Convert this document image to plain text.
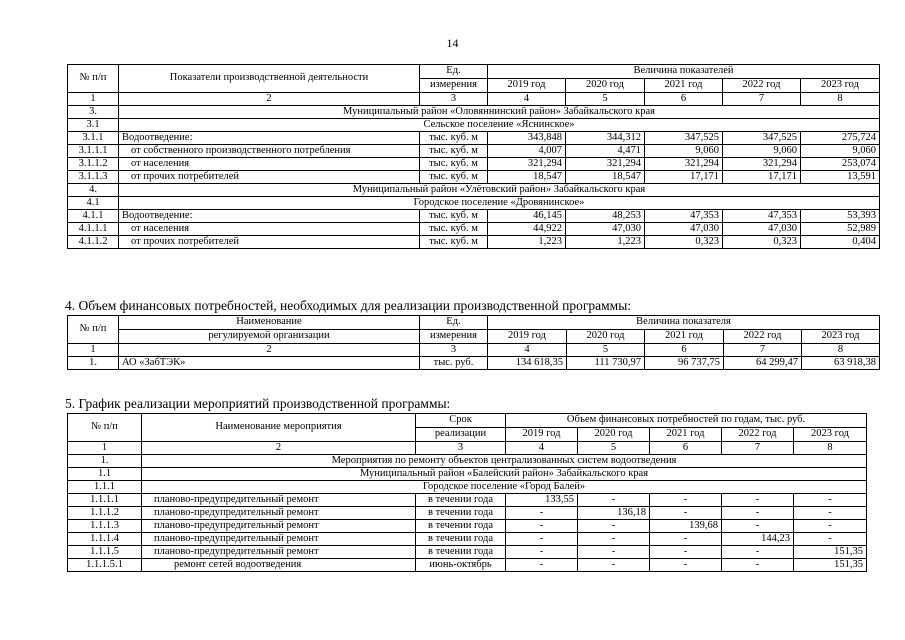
14
№ п/п	Показатели производственной деятельности	Ед.	Величина показателей				
		измерения	2019 год	2020 год	2021 год	2022 год	2023 год
1	2	3	4	5	6	7	8
3.	Муниципальный район «Оловяннинский район» Забайкальского края						
3.1	Сельское поселение «Яснинское»						
3.1.1	Водоотведение:	тыс. куб. м	343,848	344,312	347,525	347,525	275,724
3.1.1.1	от собственного производственного потребления	тыс. куб. м	4,007	4,471	9,060	9,060	9,060
3.1.1.2	от населения	тыс. куб. м	321,294	321,294	321,294	321,294	253,074
3.1.1.3	от прочих потребителей	тыс. куб. м	18,547	18,547	17,171	17,171	13,591
4.	Муниципальный район «Улётовский район» Забайкальского края						
4.1	Городское поселение «Дровянинское»						
4.1.1	Водоотведение:	тыс. куб. м	46,145	48,253	47,353	47,353	53,393
4.1.1.1	от населения	тыс. куб. м	44,922	47,030	47,030	47,030	52,989
4.1.1.2	от прочих потребителей	тыс. куб. м	1,223	1,223	0,323	0,323	0,404
4. Объем финансовых потребностей, необходимых для реализации производственной программы:
№ п/п	Наименование	Ед.	Величина показателя				
	регулируемой организации	измерения	2019 год	2020 год	2021 год	2022 год	2023 год
1	2	3	4	5	6	7	8
1.	АО «ЗабТЭК»	тыс. руб.	134 618,35	111 730,97	96 737,75	64 299,47	63 918,38
5. График реализации мероприятий производственной программы:
№ п/п	Наименование мероприятия	Срок	Объем финансовых потребностей по годам, тыс. руб.				
		реализации	2019 год	2020 год	2021 год	2022 год	2023 год
1	2	3	4	5	6	7	8
1.	Мероприятия по ремонту объектов централизованных систем водоотведения						
1.1	Муниципальный район «Балейский район» Забайкальского края						
1.1.1	Городское поселение «Город Балей»						
1.1.1.1	планово-предупредительный ремонт	в течении года	133,55	-	-	-	-
1.1.1.2	планово-предупредительный ремонт	в течении года	-	136,18	-	-	-
1.1.1.3	планово-предупредительный ремонт	в течении года	-	-	139,68	-	-
1.1.1.4	планово-предупредительный ремонт	в течении года	-	-	-	144,23	-
1.1.1.5	планово-предупредительный ремонт	в течении года	-	-	-	-	151,35
1.1.1.5.1	ремонт сетей водоотведения	июнь-октябрь	-	-	-	-	151,35
